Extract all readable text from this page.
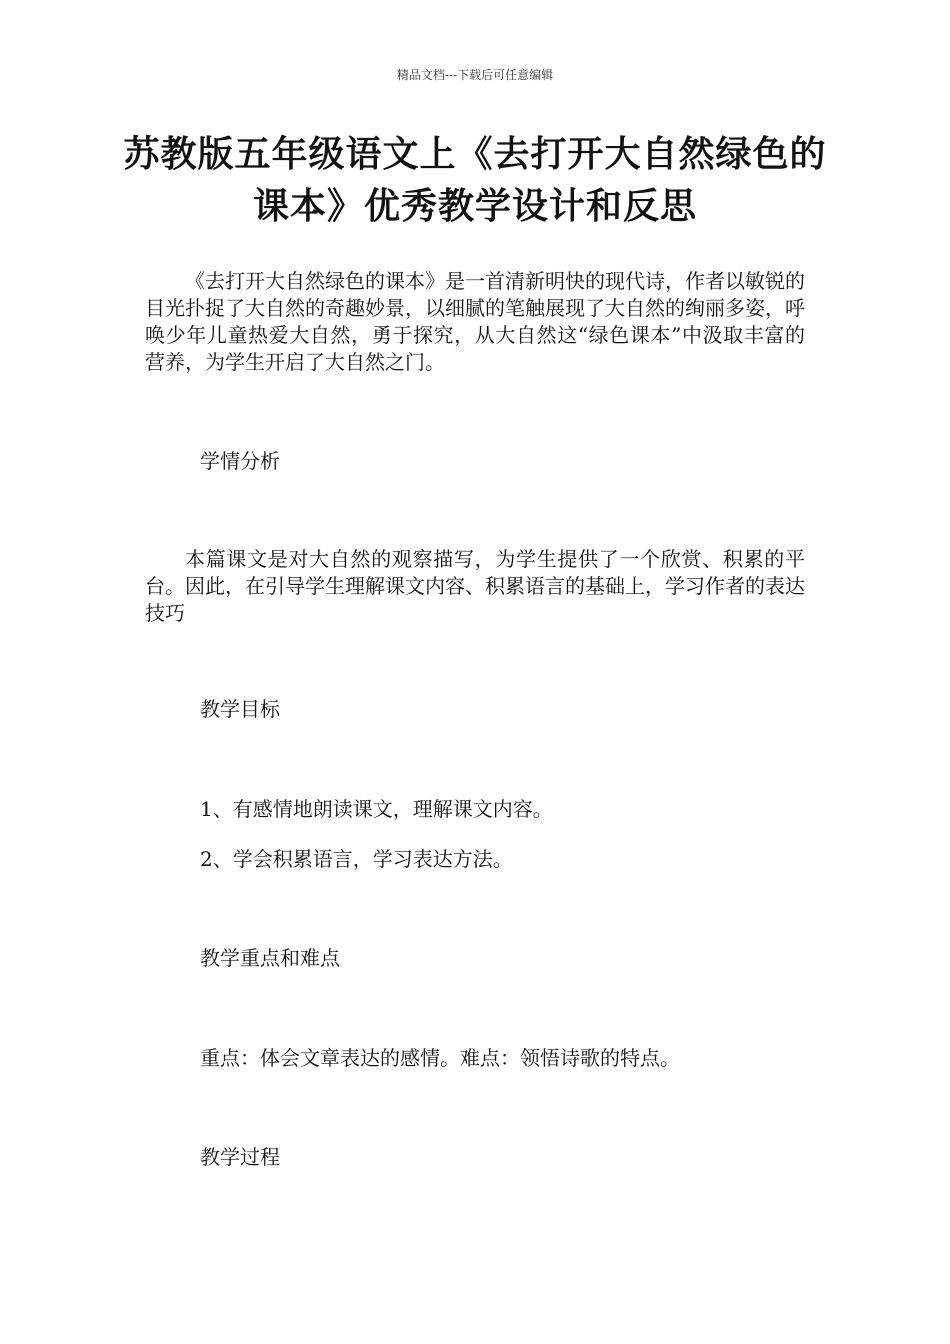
精品文档---下载后可任意编辑
苏教版五年级语文上《去打开大自然绿色的课本》优秀教学设计和反思

《去打开大自然绿色的课本》是一首清新明快的现代诗，作者以敏锐的目光扑捉了大自然的奇趣妙景，以细腻的笔触展现了大自然的绚丽多姿，呼唤少年儿童热爱大自然，勇于探究，从大自然这“绿色课本”中汲取丰富的营养，为学生开启了大自然之门。

学情分析

本篇课文是对大自然的观察描写，为学生提供了一个欣赏、积累的平台。因此，在引导学生理解课文内容、积累语言的基础上，学习作者的表达技巧

教学目标
1、有感情地朗读课文，理解课文内容。
2、学会积累语言，学习表达方法。
教学重点和难点
重点：体会文章表达的感情。难点：领悟诗歌的特点。
教学过程
